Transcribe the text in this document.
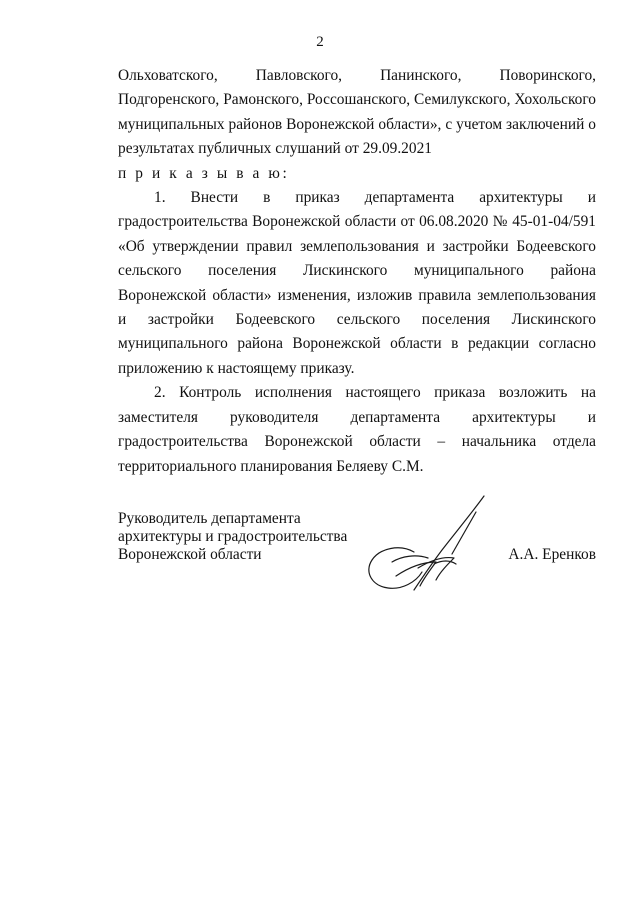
2

Ольховатского, Павловского, Панинского, Поворинского, Подгоренского, Рамонского, Россошанского, Семилукского, Хохольского муниципальных районов Воронежской области», с учетом заключений о результатах публичных слушаний от 29.09.2021

п р и к а з ы в а ю:

1. Внести в приказ департамента архитектуры и градостроительства Воронежской области от 06.08.2020 № 45-01-04/591 «Об утверждении правил землепользования и застройки Бодеевского сельского поселения Лискинского муниципального района Воронежской области» изменения, изложив правила землепользования и застройки Бодеевского сельского поселения Лискинского муниципального района Воронежской области в редакции согласно приложению к настоящему приказу.

2. Контроль исполнения настоящего приказа возложить на заместителя руководителя департамента архитектуры и градостроительства Воронежской области – начальника отдела территориального планирования Беляеву С.М.

Руководитель департамента
архитектуры и градостроительства
Воронежской области	А.А. Еренков
